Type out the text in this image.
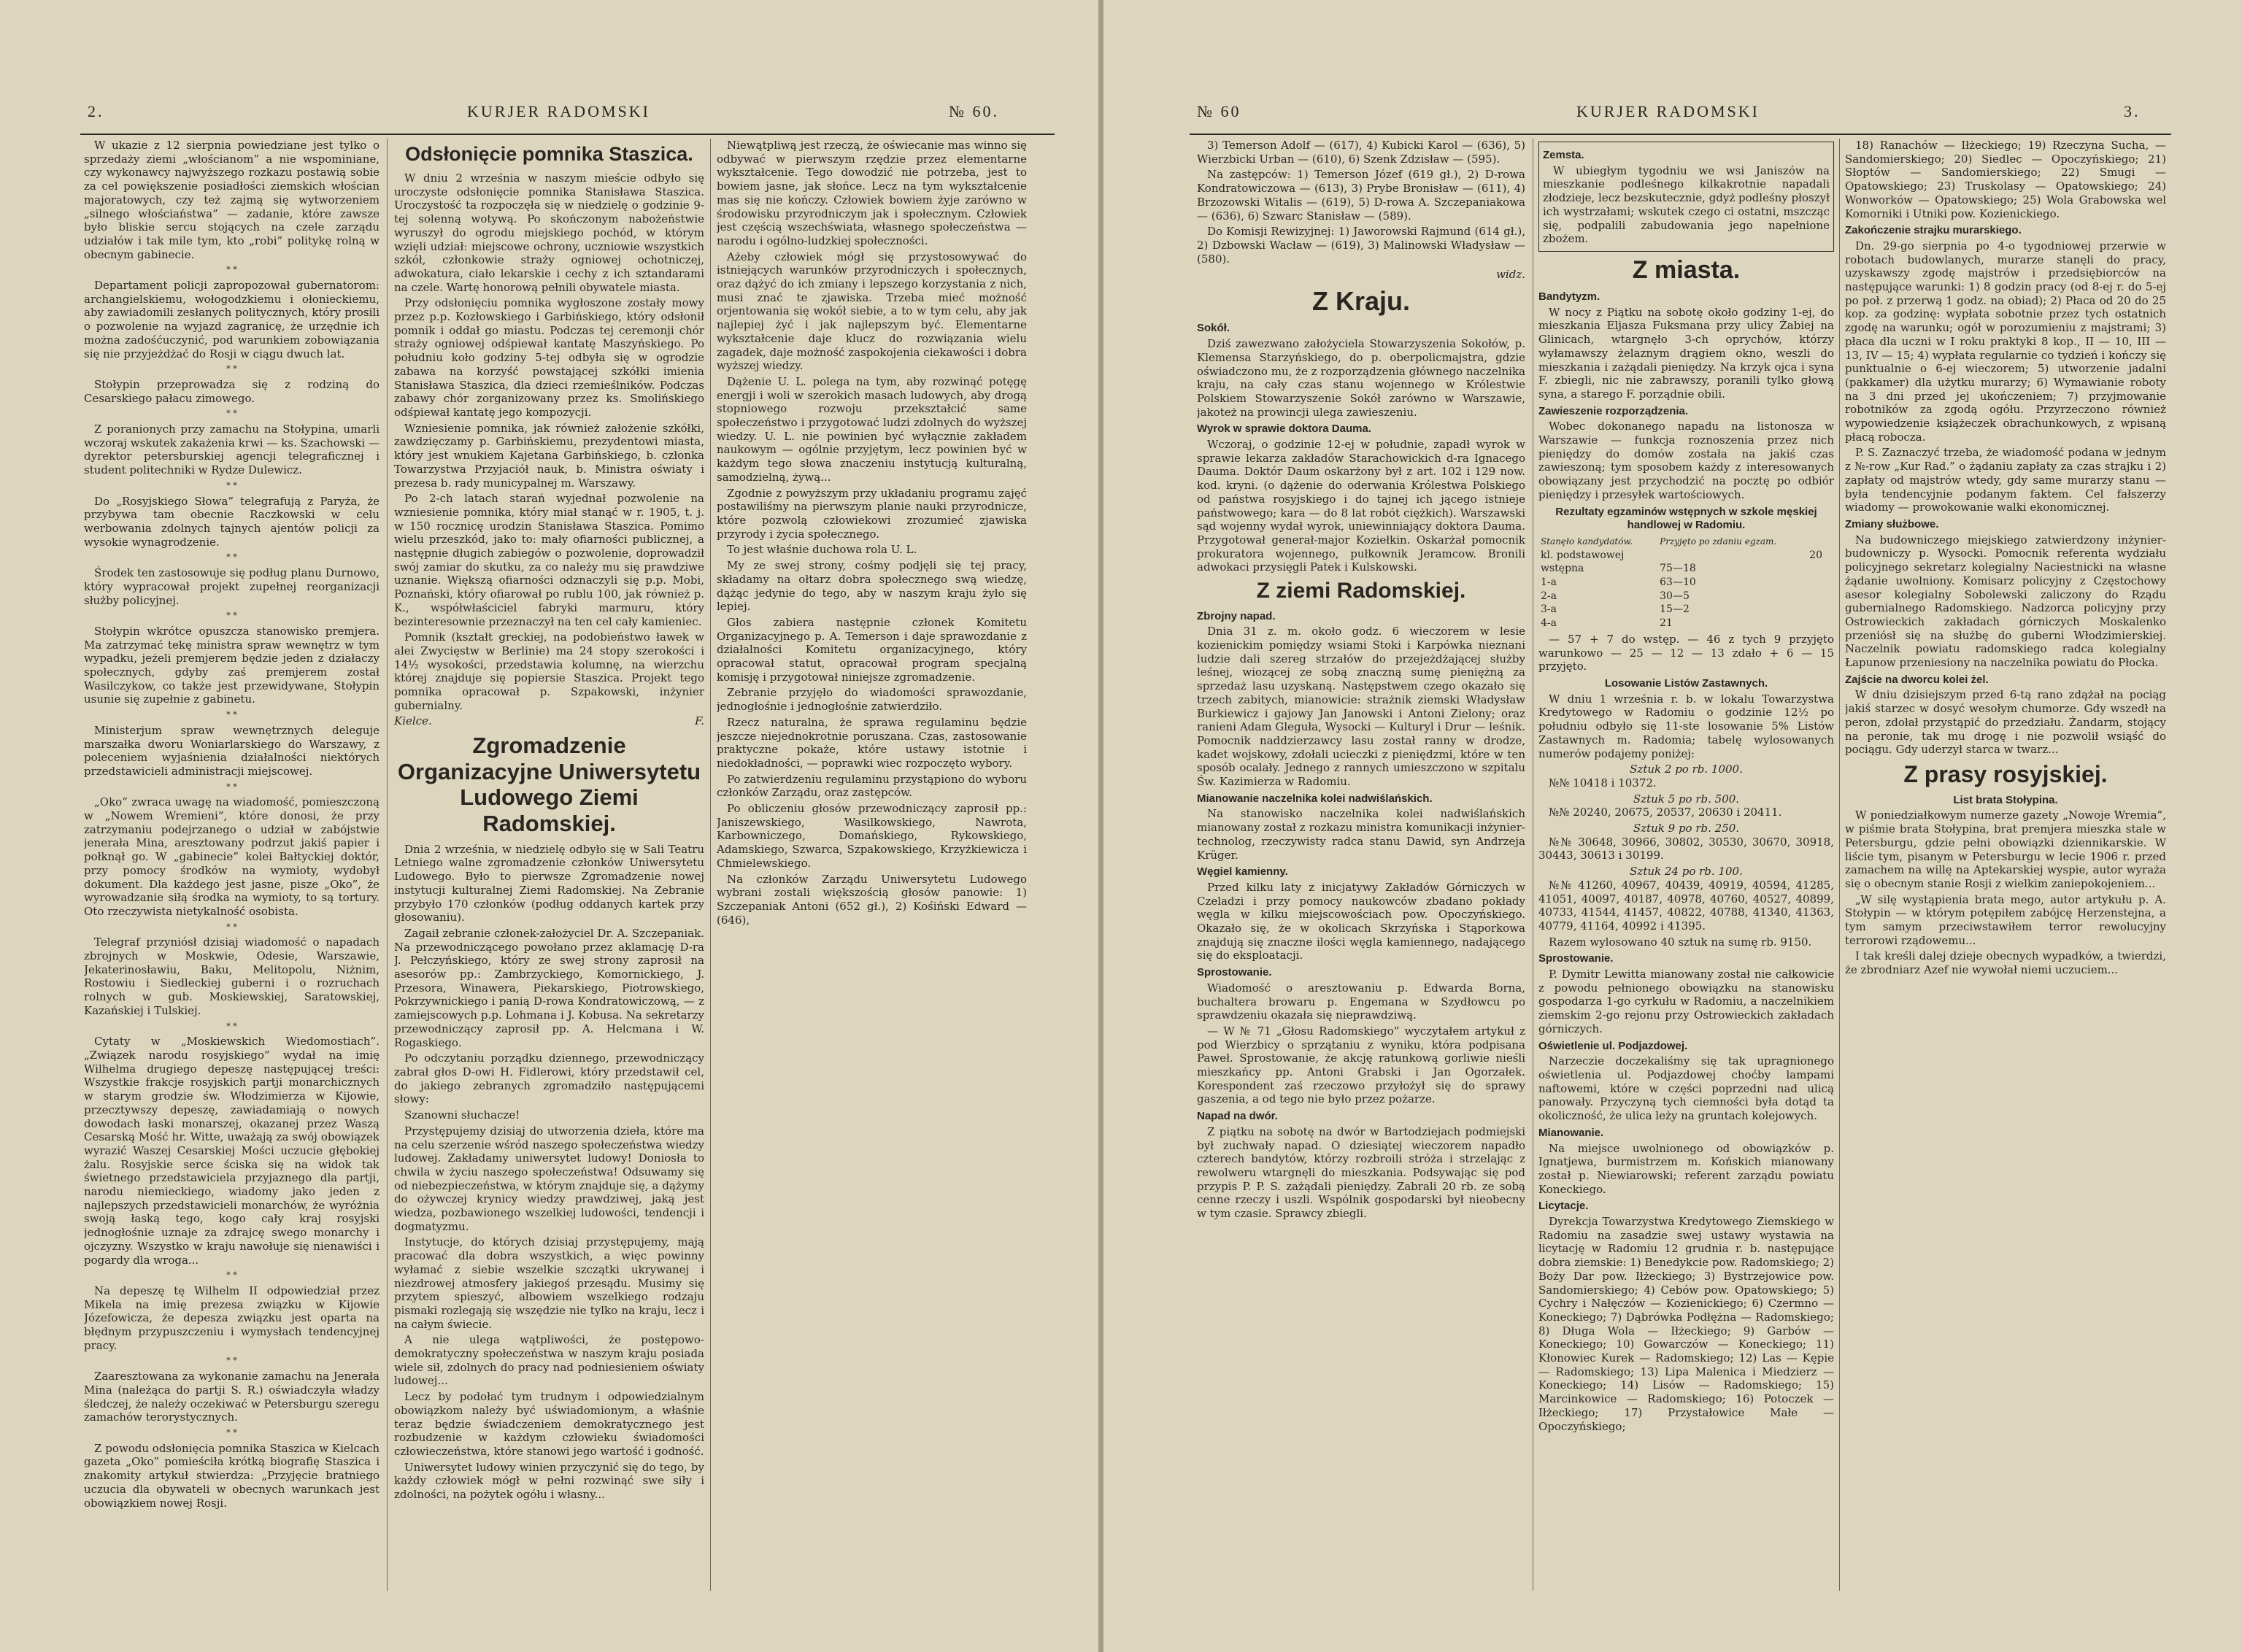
2.	KURJER RADOMSKI	№ 60.

W ukazie z 12 sierpnia powiedziane jest tylko o sprzedaży ziemi „włościanom” a nie wspominiane, czy wykonawcy najwyższego rozkazu postawią sobie za cel powiększenie posiadłości ziemskich włościan majoratowych, czy też zajmą się wytworzeniem „silnego włościaństwa” — zadanie, które zawsze było bliskie sercu stojących na czele zarządu udziałów i tak mile tym, kto „robi” politykę rolną w obecnym gabinecie.

* *

Departament policji zapropozował gubernatorom: archangielskiemu, wołogodzkiemu i ołonieckiemu, aby zawiadomili zesłanych politycznych, który prosili o pozwolenie na wyjazd zagranicę, że urzędnie ich można zadośćuczynić, pod warunkiem zobowiązania się nie przyjeżdżać do Rosji w ciągu dwuch lat.

* *

Stołypin przeprowadza się z rodziną do Cesarskiego pałacu zimowego.

* *

Z poranionych przy zamachu na Stołypina, umarli wczoraj wskutek zakażenia krwi — ks. Szachowski — dyrektor petersburskiej agencji telegraficznej i student politechniki w Rydze Dulewicz.

* *

Do „Rosyjskiego Słowa” telegrafują z Paryża, że przybywa tam obecnie Raczkowski w celu werbowania zdolnych tajnych ajentów policji za wysokie wynagrodzenie.

* *

Środek ten zastosowuje się podług planu Durnowo, który wypracował projekt zupełnej reorganizacji służby policyjnej.

* *

Stołypin wkrótce opuszcza stanowisko premjera. Ma zatrzymać tekę ministra spraw wewnętrz w tym wypadku, jeżeli premjerem będzie jeden z działaczy społecznych, gdyby zaś premjerem został Wasilczykow, co także jest przewidywane, Stołypin usunie się zupełnie z gabinetu.

* *

Ministerjum spraw wewnętrznych deleguje marszałka dworu Woniarlarskiego do Warszawy, z poleceniem wyjaśnienia działalności niektórych przedstawicieli administracji miejscowej.

* *

„Oko” zwraca uwagę na wiadomość, pomieszczoną w „Nowem Wremieni”, które donosi, że przy zatrzymaniu podejrzanego o udział w zabójstwie jenerała Mina, aresztowany podrzut jakiś papier i połknął go. W „gabinecie” kolei Bałtyckiej doktór, przy pomocy środków na wymioty, wydobył dokument. Dla każdego jest jasne, pisze „Oko”, że wyrowadzanie siłą środka na wymioty, to są tortury. Oto rzeczywista nietykalność osobista.

* *

Telegraf przyniósł dzisiaj wiadomość o napadach zbrojnych w Moskwie, Odesie, Warszawie, Jekaterinosławiu, Baku, Melitopolu, Niżnim, Rostowiu i Siedleckiej guberni i o rozruchach rolnych w gub. Moskiewskiej, Saratowskiej, Kazańskiej i Tulskiej.

* *

Cytaty w „Moskiewskich Wiedomostiach”. „Związek narodu rosyjskiego” wydał na imię Wilhelma drugiego depeszę następującej treści: Wszystkie frakcje rosyjskich partji monarchicznych w starym grodzie św. Włodzimierza w Kijowie, przecztywszy depeszę, zawiadamiają o nowych dowodach łaski monarszej, okazanej przez Waszą Cesarską Mość hr. Witte, uważają za swój obowiązek wyrazić Waszej Cesarskiej Mości uczucie głębokiej żalu. Rosyjskie serce ściska się na widok tak świetnego przedstawiciela przyjaznego dla partji, narodu niemieckiego, wiadomy jako jeden z najlepszych przedstawicieli monarchów, że wyróżnia swoją łaską tego, kogo cały kraj rosyjski jednogłośnie uznaje za zdrajcę swego monarchy i ojczyzny. Wszystko w kraju nawołuje się nienawiści i pogardy dla wroga...

* *

Na depeszę tę Wilhelm II odpowiedział przez Mikela na imię prezesa związku w Kijowie Józefowicza, że depesza związku jest oparta na błędnym przypuszczeniu i wymysłach tendencyjnej pracy.

* *

Zaaresztowana za wykonanie zamachu na Jenerała Mina (należąca do partji S. R.) oświadczyła władzy śledczej, że należy oczekiwać w Petersburgu szeregu zamachów terorystycznych.

* *

Z powodu odsłonięcia pomnika Staszica w Kielcach gazeta „Oko” pomieściła krótką biografię Staszica i znakomity artykuł stwierdza: „Przyjęcie bratniego uczucia dla obywateli w obecnych warunkach jest obowiązkiem nowej Rosji.

Odsłonięcie pomnika Staszica.

W dniu 2 września w naszym mieście odbyło się uroczyste odsłonięcie pomnika Stanisława Staszica. Uroczystość ta rozpoczęła się w niedzielę o godzinie 9-tej solenną wotywą. Po skończonym nabożeństwie wyruszył do ogrodu miejskiego pochód, w którym wzięli udział: miejscowe ochrony, uczniowie wszystkich szkół, członkowie straży ogniowej ochotniczej, adwokatura, ciało lekarskie i cechy z ich sztandarami na czele. Wartę honorową pełnili obywatele miasta.

Przy odsłonięciu pomnika wygłoszone zostały mowy przez p.p. Kozłowskiego i Garbińskiego, który odsłonił pomnik i oddał go miastu. Podczas tej ceremonji chór straży ogniowej odśpiewał kantatę Maszyńskiego. Po południu koło godziny 5-tej odbyła się w ogrodzie zabawa na korzyść powstającej szkółki imienia Stanisława Staszica, dla dzieci rzemieślników. Podczas zabawy chór zorganizowany przez ks. Smolińskiego odśpiewał kantatę jego kompozycji.

Wzniesienie pomnika, jak również założenie szkółki, zawdzięczamy p. Garbińskiemu, prezydentowi miasta, który jest wnukiem Kajetana Garbińskiego, b. członka Towarzystwa Przyjaciół nauk, b. Ministra oświaty i prezesa b. rady municypalnej m. Warszawy.

Po 2-ch latach starań wyjednał pozwolenie na wzniesienie pomnika, który miał stanąć w r. 1905, t. j. w 150 rocznicę urodzin Stanisława Staszica. Pomimo wielu przeszkód, jako to: mały ofiarności publicznej, a następnie długich zabiegów o pozwolenie, doprowadził swój zamiar do skutku, za co należy mu się prawdziwe uznanie. Większą ofiarności odznaczyli się p.p. Mobi, Poznański, który ofiarował po rublu 100, jak również p. K., współwłaściciel fabryki marmuru, który bezinteresownie przeznaczył na ten cel cały kamieniec.

Pomnik (kształt greckiej, na podobieństwo ławek w alei Zwycięstw w Berlinie) ma 24 stopy szerokości i 14½ wysokości, przedstawia kolumnę, na wierzchu której znajduje się popiersie Staszica. Projekt tego pomnika opracował p. Szpakowski, inżynier gubernialny.

Kielce.	F.
Zgromadzenie Organizacyjne Uniwersytetu Ludowego Ziemi Radomskiej.

Dnia 2 września, w niedzielę odbyło się w Sali Teatru Letniego walne zgromadzenie członków Uniwersytetu Ludowego. Było to pierwsze Zgromadzenie nowej instytucji kulturalnej Ziemi Radomskiej. Na Zebranie przybyło 170 członków (podług oddanych kartek przy głosowaniu).

Zagaił zebranie członek-założyciel Dr. A. Szczepaniak. Na przewodniczącego powołano przez aklamację D-ra J. Pełczyńskiego, który ze swej strony zaprosił na asesorów pp.: Zambrzyckiego, Komornickiego, J. Przesora, Winawera, Piekarskiego, Piotrowskiego, Pokrzywnickiego i panią D-rowa Kondratowiczową, — z zamiejscowych p.p. Lohmana i J. Kobusa. Na sekretarzy przewodniczący zaprosił pp. A. Helcmana i W. Rogaskiego.

Po odczytaniu porządku dziennego, przewodniczący zabrał głos D-owi H. Fidlerowi, który przedstawił cel, do jakiego zebranych zgromadziło następującemi słowy:

Szanowni słuchacze!

Przystępujemy dzisiaj do utworzenia dzieła, które ma na celu szerzenie wśród naszego społeczeństwa wiedzy ludowej. Zakładamy uniwersytet ludowy! Doniosła to chwila w życiu naszego społeczeństwa! Odsuwamy się od niebezpieczeństwa, w którym znajduje się, a dążymy do ożywczej krynicy wiedzy prawdziwej, jaką jest wiedza, pozbawionego wszelkiej ludowości, tendencji i dogmatyzmu.

Instytucje, do których dzisiaj przystępujemy, mają pracować dla dobra wszystkich, a więc powinny wyłamać z siebie wszelkie szczątki ukrywanej i niezdrowej atmosfery jakiegoś przesądu. Musimy się przytem spieszyć, albowiem wszelkiego rodzaju pismaki rozlegają się wszędzie nie tylko na kraju, lecz i na całym świecie.

A nie ulega wątpliwości, że postępowo-demokratyczny społeczeństwa w naszym kraju posiada wiele sił, zdolnych do pracy nad podniesieniem oświaty ludowej...

Lecz by podołać tym trudnym i odpowiedzialnym obowiązkom należy być uświadomionym, a właśnie teraz będzie świadczeniem demokratycznego jest rozbudzenie w każdym człowieku świadomości człowieczeństwa, które stanowi jego wartość i godność.

Uniwersytet ludowy winien przyczynić się do tego, by każdy człowiek mógł w pełni rozwinąć swe siły i zdolności, na pożytek ogółu i własny...

Niewątpliwą jest rzeczą, że oświecanie mas winno się odbywać w pierwszym rzędzie przez elementarne wykształcenie. Tego dowodzić nie potrzeba, jest to bowiem jasne, jak słońce. Lecz na tym wykształcenie mas się nie kończy. Człowiek bowiem żyje zarówno w środowisku przyrodniczym jak i społecznym. Człowiek jest częścią wszechświata, własnego społeczeństwa — narodu i ogólno-ludzkiej społeczności.

Ażeby człowiek mógł się przystosowywać do istniejących warunków przyrodniczych i społecznych, oraz dążyć do ich zmiany i lepszego korzystania z nich, musi znać te zjawiska. Trzeba mieć możność orjentowania się wokół siebie, a to w tym celu, aby jak najlepiej żyć i jak najlepszym być. Elementarne wykształcenie daje klucz do rozwiązania wielu zagadek, daje możność zaspokojenia ciekawości i dobra wyższej wiedzy.

Dążenie U. L. polega na tym, aby rozwinąć potęgę energji i woli w szerokich masach ludowych, aby drogą stopniowego rozwoju przekształcić same społeczeństwo i przygotować ludzi zdolnych do wyższej wiedzy. U. L. nie powinien być wyłącznie zakładem naukowym — ogólnie przyjętym, lecz powinien być w każdym tego słowa znaczeniu instytucją kulturalną, samodzielną, żywą...

Zgodnie z powyższym przy układaniu programu zajęć postawiliśmy na pierwszym planie nauki przyrodnicze, które pozwolą człowiekowi zrozumieć zjawiska przyrody i życia społecznego.

To jest właśnie duchowa rola U. L.

My ze swej strony, cośmy podjęli się tej pracy, składamy na ołtarz dobra społecznego swą wiedzę, dążąc jedynie do tego, aby w naszym kraju żyło się lepiej.

Głos zabiera następnie członek Komitetu Organizacyjnego p. A. Temerson i daje sprawozdanie z działalności Komitetu organizacyjnego, który opracował statut, opracował program specjalną komisję i przygotował niniejsze zgromadzenie.

Zebranie przyjęło do wiadomości sprawozdanie, jednogłośnie i jednogłośnie zatwierdziło.

Rzecz naturalna, że sprawa regulaminu będzie jeszcze niejednokrotnie poruszana. Czas, zastosowanie praktyczne pokaże, które ustawy istotnie i niedokładności, — poprawki wiec rozpoczęto wybory.

Po zatwierdzeniu regulaminu przystąpiono do wyboru członków Zarządu, oraz zastępców.

Po obliczeniu głosów przewodniczący zaprosił pp.: Janiszewskiego, Wasilkowskiego, Nawrota, Karbowniczego, Domańskiego, Rykowskiego, Adamskiego, Szwarca, Szpakowskiego, Krzyżkiewicza i Chmielewskiego.

Na członków Zarządu Uniwersytetu Ludowego wybrani zostali większością głosów panowie: 1) Szczepaniak Antoni (652 gł.), 2) Kośiński Edward — (646),

№ 60	KURJER RADOMSKI	3.

3) Temerson Adolf — (617), 4) Kubicki Karol — (636), 5) Wierzbicki Urban — (610), 6) Szenk Zdzisław — (595).

Na zastępców: 1) Temerson Józef (619 gł.), 2) D-rowa Kondratowiczowa — (613), 3) Prybe Bronisław — (611), 4) Brzozowski Witalis — (619), 5) D-rowa A. Szczepaniakowa — (636), 6) Szwarc Stanisław — (589).

Do Komisji Rewizyjnej: 1) Jaworowski Rajmund (614 gł.), 2) Dzbowski Wacław — (619), 3) Malinowski Władysław — (580).

widz.
Z Kraju.
Sokół.

Dziś zawezwano założyciela Stowarzyszenia Sokołów, p. Klemensa Starzyńskiego, do p. oberpolicmajstra, gdzie oświadczono mu, że z rozporządzenia głównego naczelnika kraju, na cały czas stanu wojennego w Królestwie Polskiem Stowarzyszenie Sokół zarówno w Warszawie, jakoteż na prowincji ulega zawieszeniu.

Wyrok w sprawie doktora Dauma.

Wczoraj, o godzinie 12-ej w południe, zapadł wyrok w sprawie lekarza zakładów Starachowickich d-ra Ignacego Dauma. Doktór Daum oskarżony był z art. 102 i 129 now. kod. kryni. (o dążenie do oderwania Królestwa Polskiego od państwa rosyjskiego i do tajnej ich jącego istnieje państwowego; kara — do 8 lat robót ciężkich). Warszawski sąd wojenny wydał wyrok, uniewinniający doktora Dauma. Przygotował generał-major Koziełkin. Oskarżał pomocnik prokuratora wojennego, pułkownik Jeramcow. Bronili adwokaci przysięgli Patek i Kulskowski.

Z ziemi Radomskiej.
Zbrojny napad.

Dnia 31 z. m. około godz. 6 wieczorem w lesie kozienickim pomiędzy wsiami Stoki i Karpówka nieznani ludzie dali szereg strzałów do przejeżdżającej służby leśnej, wiozącej ze sobą znaczną sumę pieniężną za sprzedaż lasu uzyskaną. Następstwem czego okazało się trzech zabitych, mianowicie: strażnik ziemski Władysław Burkiewicz i gajowy Jan Janowski i Antoni Zielony; oraz ranieni Adam Gleguła, Wysocki — Kulturyl i Drur — leśnik. Pomocnik naddzierzawcy lasu został ranny w drodze, kadet wojskowy, zdołali ucieczki z pieniędzmi, które w ten sposób ocalały. Jednego z rannych umieszczono w szpitalu Św. Kazimierza w Radomiu.

Mianowanie naczelnika kolei nadwiślańskich.

Na stanowisko naczelnika kolei nadwiślańskich mianowany został z rozkazu ministra komunikacji inżynier-technolog, rzeczywisty radca stanu Dawid, syn Andrzeja Krüger.

Węgiel kamienny.

Przed kilku laty z inicjatywy Zakładów Górniczych w Czeladzi i przy pomocy naukowców zbadano pokłady węgla w kilku miejscowościach pow. Opoczyńskiego. Okazało się, że w okolicach Skrzyńska i Stąporkowa znajdują się znaczne ilości węgla kamiennego, nadającego się do eksploatacji.

Sprostowanie.

Wiadomość o aresztowaniu p. Edwarda Borna, buchaltera browaru p. Engemana w Szydłowcu po sprawdzeniu okazała się nieprawdziwą.

— W № 71 „Głosu Radomskiego” wyczytałem artykuł z pod Wierzbicy o sprzątaniu z wyniku, która podpisana Paweł. Sprostowanie, że akcję ratunkową gorliwie nieśli mieszkańcy pp. Antoni Grabski i Jan Ogorzałek. Korespondent zaś rzeczowo przyłożył się do sprawy gaszenia, a od tego nie było przez pożarze.

Napad na dwór.

Z piątku na sobotę na dwór w Bartodziejach podmiejski był zuchwały napad. O dziesiątej wieczorem napadło czterech bandytów, którzy rozbroili stróża i strzelając z rewolweru wtargnęli do mieszkania. Podsywając się pod przypis P. P. S. zażądali pieniędzy. Zabrali 20 rb. ze sobą cenne rzeczy i uszli. Wspólnik gospodarski był nieobecny w tym czasie. Sprawcy zbiegli.

Zemsta.

W ubiegłym tygodniu we wsi Janiszów na mieszkanie podleśnego kilkakrotnie napadali złodzieje, lecz bezskutecznie, gdyż podleśny płoszył ich wystrzałami; wskutek czego ci ostatni, mszcząc się, podpalili zabudowania jego napełnione zbożem.

Z miasta.
Bandytyzm.

W nocy z Piątku na sobotę około godziny 1-ej, do mieszkania Eljasza Fuksmana przy ulicy Żabiej na Glinicach, wtargnęło 3-ch oprychów, którzy wyłamawszy żelaznym drągiem okno, weszli do mieszkania i zażądali pieniędzy. Na krzyk ojca i syna F. zbiegli, nic nie zabrawszy, poranili tylko głową syna, a starego F. porządnie obili.

Zawieszenie rozporządzenia.

Wobec dokonanego napadu na listonosza w Warszawie — funkcja roznoszenia przez nich pieniędzy do domów została na jakiś czas zawieszoną; tym sposobem każdy z interesowanych obowiązany jest przychodzić na pocztę po odbiór pieniędzy i przesyłek wartościowych.

Rezultaty egzaminów wstępnych w szkole męskiej handlowej w Radomiu.
Stanęło kandydatów.	Przyjęto po zdaniu egzam.		
kl. podstawowej		20	
wstępna	75—18		
1-a	63—10		
2-a	30—5		
3-a	15—2		
4-a	21		

— 57 + 7 do wstęp. — 46 z tych 9 przyjęto warunkowo — 25 — 12 — 13 zdało + 6 — 15 przyjęto.

Losowanie Listów Zastawnych.

W dniu 1 września r. b. w lokalu Towarzystwa Kredytowego w Radomiu o godzinie 12½ po południu odbyło się 11-ste losowanie 5% Listów Zastawnych m. Radomia; tabelę wylosowanych numerów podajemy poniżej:

Sztuk 2 po rb. 1000.

№№ 10418 i 10372.

Sztuk 5 po rb. 500.

№№ 20240, 20675, 20537, 20630 i 20411.

Sztuk 9 po rb. 250.

№№ 30648, 30966, 30802, 30530, 30670, 30918, 30443, 30613 i 30199.

Sztuk 24 po rb. 100.

№№ 41260, 40967, 40439, 40919, 40594, 41285, 41051, 40097, 40187, 40978, 40760, 40527, 40899, 40733, 41544, 41457, 40822, 40788, 41340, 41363, 40779, 41164, 40992 i 41395.

Razem wylosowano 40 sztuk na sumę rb. 9150.

Sprostowanie.

P. Dymitr Lewitta mianowany został nie całkowicie z powodu pełnionego obowiązku na stanowisku gospodarza 1-go cyrkułu w Radomiu, a naczelnikiem ziemskim 2-go rejonu przy Ostrowieckich zakładach górniczych.

Oświetlenie ul. Podjazdowej.

Narzeczie doczekaliśmy się tak upragnionego oświetlenia ul. Podjazdowej choćby lampami naftowemi, które w części poprzedni nad ulicą panowały. Przyczyną tych ciemności była dotąd ta okoliczność, że ulica leży na gruntach kolejowych.

Mianowanie.

Na miejsce uwolnionego od obowiązków p. Ignatjewa, burmistrzem m. Końskich mianowany został p. Niewiarowski; referent zarządu powiatu Koneckiego.

Licytacje.

Dyrekcja Towarzystwa Kredytowego Ziemskiego w Radomiu na zasadzie swej ustawy wystawia na licytację w Radomiu 12 grudnia r. b. następujące dobra ziemskie: 1) Benedykcie pow. Radomskiego; 2) Boży Dar pow. Iłżeckiego; 3) Bystrzejowice pow. Sandomierskiego; 4) Cebów pow. Opatowskiego; 5) Cychry i Nałęczów — Kozienickiego; 6) Czermno — Koneckiego; 7) Dąbrówka Podłężna — Radomskiego; 8) Długa Wola — Iłżeckiego; 9) Garbów — Koneckiego; 10) Gowarczów — Koneckiego; 11) Kłonowiec Kurek — Radomskiego; 12) Las — Kępie — Radomskiego; 13) Lipa Malenica i Miedzierz — Koneckiego; 14) Lisów — Radomskiego; 15) Marcinkowice — Radomskiego; 16) Potoczek — Iłżeckiego; 17) Przystałowice Małe — Opoczyńskiego;

18) Ranachów — Iłżeckiego; 19) Rzeczyna Sucha, — Sandomierskiego; 20) Siedlec — Opoczyńskiego; 21) Słoptów — Sandomierskiego; 22) Smugi — Opatowskiego; 23) Truskolasy — Opatowskiego; 24) Wonworków — Opatowskiego; 25) Wola Grabowska wel Komorniki i Utniki pow. Kozienickiego.

Zakończenie strajku murarskiego.

Dn. 29-go sierpnia po 4-o tygodniowej przerwie w robotach budowlanych, murarze stanęli do pracy, uzyskawszy zgodę majstrów i przedsiębiorców na następujące warunki: 1) 8 godzin pracy (od 8-ej r. do 5-ej po poł. z przerwą 1 godz. na obiad); 2) Płaca od 20 do 25 kop. za godzinę: wypłata sobotnie przez tych ostatnich zgodę na warunku; ogół w porozumieniu z majstrami; 3) płaca dla uczni w I roku praktyki 8 kop., II — 10, III — 13, IV — 15; 4) wypłata regularnie co tydzień i kończy się punktualnie o 6-ej wieczorem; 5) utworzenie jadalni (pakkamer) dla użytku murarzy; 6) Wymawianie roboty na 3 dni przed jej ukończeniem; 7) przyjmowanie robotników za zgodą ogółu. Przyrzeczono również wypowiedzenie książeczek obrachunkowych, z wpisaną płacą robocza.

P. S. Zaznaczyć trzeba, że wiadomość podana w jednym z №-row „Kur Rad.” o żądaniu zapłaty za czas strajku i 2) zapłaty od majstrów wtedy, gdy same murarzy stanu — była tendencyjnie podanym faktem. Cel fałszerzy wiadomy — prowokowanie walki ekonomicznej.

Zmiany służbowe.

Na budowniczego miejskiego zatwierdzony inżynier-budowniczy p. Wysocki. Pomocnik referenta wydziału policyjnego sekretarz kolegialny Naciestnicki na własne żądanie uwolniony. Komisarz policyjny z Częstochowy asesor kolegialny Sobolewski zaliczony do Rządu gubernialnego Radomskiego. Nadzorca policyjny przy Ostrowieckich zakładach górniczych Moskalenko przeniósł się na służbę do guberni Włodzimierskiej. Naczelnik powiatu radomskiego radca kolegialny Łapunow przeniesiony na naczelnika powiatu do Płocka.

Zajście na dworcu kolei żel.

W dniu dzisiejszym przed 6-tą rano zdążał na pociąg jakiś starzec w dosyć wesołym chumorze. Gdy wszedł na peron, zdołał przystąpić do przedziału. Żandarm, stojący na peronie, tak mu drogę i nie pozwolił wsiąść do pociągu. Gdy uderzył starca w twarz...

Z prasy rosyjskiej.
List brata Stołypina.

W poniedziałkowym numerze gazety „Nowoje Wremia”, w piśmie brata Stołypina, brat premjera mieszka stale w Petersburgu, gdzie pełni obowiązki dziennikarskie. W liście tym, pisanym w Petersburgu w lecie 1906 r. przed zamachem na willę na Aptekarskiej wyspie, autor wyraża się o obecnym stanie Rosji z wielkim zaniepokojeniem...

„W silę wystąpienia brata mego, autor artykułu p. A. Stołypin — w którym potępiłem zabójcę Herzenstejna, a tym samym przeciwstawiłem terror rewolucyjny terrorowi rządowemu...

I tak kreśli dalej dzieje obecnych wypadków, a twierdzi, że zbrodniarz Azef nie wywołał niemi uczuciem...
